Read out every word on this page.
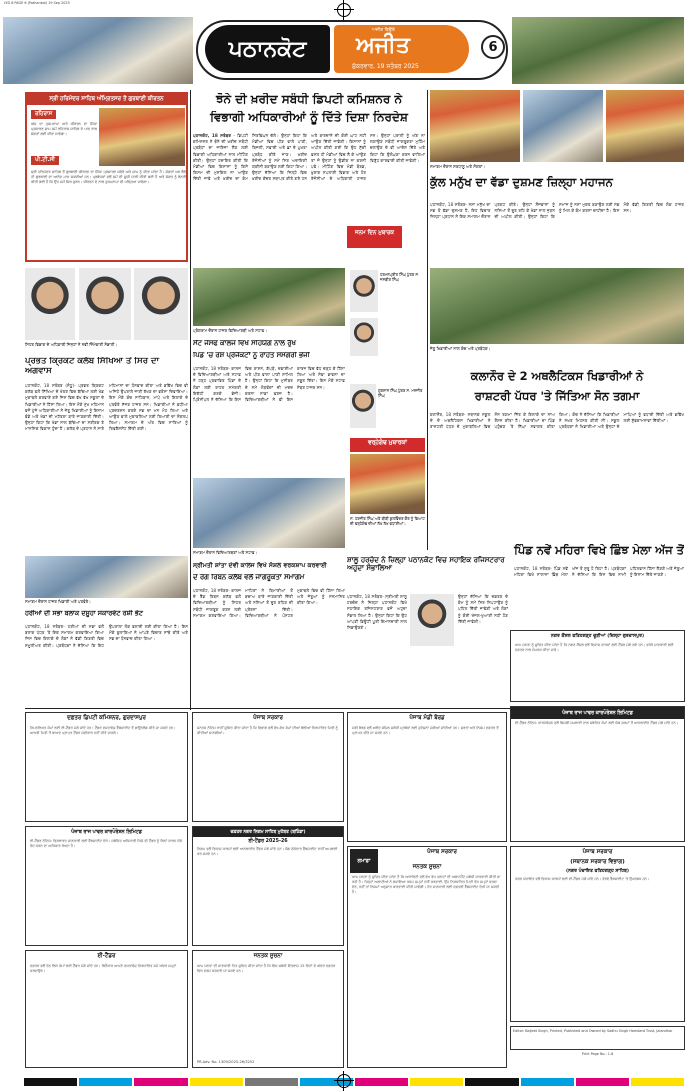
LYD 8 PAGE 6 (Pathankot) 19 Sep 2025
ਪਠਾਨਕੋਟ
ਅਜੀਤ ਬਿਊਰੋ
ਅਜੀਤ
ਸ਼ੁੱਕਰਵਾਰ, 19 ਸਤੰਬਰ 2025
6
ਸ੍ਰੀ ਹਰਿਮੰਦਰ ਸਾਹਿਬ ਅੰਮ੍ਰਿਤਸਰ ਤੋਂ ਗੁਰਬਾਣੀ ਕੀਰਤਨ
ਰਹਿਰਾਸ
ਅੱਜ ਦਾ ਹੁਕਮਨਾਮਾ ਅਤੇ ਕੀਰਤਨ ਦਾ ਸਿੱਧਾ ਪ੍ਰਸਾਰਣ ਸ਼ਾਮ ਸਮੇਂ ਰਹਿਰਾਸ ਸਾਹਿਬ ਦੇ ਪਾਠ ਨਾਲ ਸੰਗਤਾਂ ਲਈ ਕੀਤਾ ਜਾਵੇਗਾ।
ਪੀ.ਟੀ.ਸੀ
ਸ੍ਰੀ ਹਰਿਮੰਦਰ ਸਾਹਿਬ ਤੋਂ ਗੁਰਬਾਣੀ ਕੀਰਤਨ ਦਾ ਸਿੱਧਾ ਪ੍ਰਸਾਰਣ ਸਵੇਰੇ ਅਤੇ ਸ਼ਾਮ ਨੂੰ ਕੀਤਾ ਜਾਂਦਾ ਹੈ। ਸੰਗਤਾਂ ਘਰ ਬੈਠੇ ਹੀ ਗੁਰਬਾਣੀ ਦਾ ਆਨੰਦ ਮਾਣ ਸਕਦੀਆਂ ਹਨ। ਪ੍ਰਬੰਧਕਾਂ ਵਲੋਂ ਸਮੇਂ ਦੀ ਸੂਚੀ ਜਾਰੀ ਕੀਤੀ ਗਈ ਹੈ ਅਤੇ ਸੰਗਤ ਨੂੰ ਬੇਨਤੀ ਕੀਤੀ ਗਈ ਹੈ ਕਿ ਉਹ ਸਮੇਂ ਸਿਰ ਜੁੜਨ। ਕੀਰਤਨ ਦੇ ਨਾਲ ਹੁਕਮਨਾਮਾ ਵੀ ਪੜ੍ਹਿਆ ਜਾਵੇਗਾ।
ਸਿਹਤ ਵਿਭਾਗ ਦੇ ਅਧਿਕਾਰੀ ਜਿਨ੍ਹਾਂ ਨੇ ਨਵੀਂ ਜ਼ਿੰਮੇਵਾਰੀ ਸੰਭਾਲੀ।
ਪ੍ਰਭਤ ਕ੍ਰਿਕਟ ਕਲੱਬ ਸਿੱਖਿਆ ਤੋਂ ਸਿਰ ਦਾ ਅਗਵਾਸ
ਪਠਾਨਕੋਟ, 18 ਸਤੰਬਰ (ਸੰਧੂ)- ਪ੍ਰਭਤ ਕ੍ਰਿਕਟ ਕਲੱਬ ਵਲੋਂ ਸਿੱਖਿਆ ਦੇ ਖੇਤਰ ਵਿਚ ਬੱਚਿਆਂ ਲਈ ਖੇਡ ਮੁਕਾਬਲੇ ਕਰਵਾਏ ਗਏ ਜਿਸ ਵਿਚ ਵੱਖ ਵੱਖ ਸਕੂਲਾਂ ਦੇ ਖਿਡਾਰੀਆਂ ਨੇ ਹਿੱਸਾ ਲਿਆ। ਇਸ ਮੌਕੇ ਮੁੱਖ ਮਹਿਮਾਨ ਵਜੋਂ ਪੁੱਜੇ ਅਧਿਕਾਰੀਆਂ ਨੇ ਜੇਤੂ ਖਿਡਾਰੀਆਂ ਨੂੰ ਇਨਾਮ ਵੰਡੇ ਅਤੇ ਖੇਡਾਂ ਦੀ ਮਹੱਤਤਾ ਬਾਰੇ ਜਾਣਕਾਰੀ ਦਿੱਤੀ। ਉਨ੍ਹਾਂ ਕਿਹਾ ਕਿ ਖੇਡਾਂ ਨਾਲ ਬੱਚਿਆਂ ਦਾ ਸਰੀਰਕ ਤੇ ਮਾਨਸਿਕ ਵਿਕਾਸ ਹੁੰਦਾ ਹੈ। ਕਲੱਬ ਦੇ ਪ੍ਰਧਾਨ ਨੇ ਸਾਰੇ ਮਹਿਮਾਨਾਂ ਦਾ ਧੰਨਵਾਦ ਕੀਤਾ ਅਤੇ ਭਵਿੱਖ ਵਿਚ ਵੀ ਅਜਿਹੇ ਉਪਰਾਲੇ ਜਾਰੀ ਰੱਖਣ ਦਾ ਭਰੋਸਾ ਦਿਵਾਇਆ। ਇਸ ਮੌਕੇ ਕੋਚ ਸਾਹਿਬਾਨ, ਮਾਪੇ ਅਤੇ ਇਲਾਕੇ ਦੇ ਪਤਵੰਤੇ ਸੱਜਣ ਹਾਜ਼ਰ ਸਨ। ਖਿਡਾਰੀਆਂ ਨੇ ਵਧੀਆ ਪ੍ਰਦਰਸ਼ਨ ਕਰਕੇ ਸਭ ਦਾ ਮਨ ਮੋਹ ਲਿਆ ਅਤੇ ਆਉਣ ਵਾਲੇ ਮੁਕਾਬਲਿਆਂ ਲਈ ਤਿਆਰੀ ਦਾ ਸੰਕਲਪ ਲਿਆ। ਸਮਾਗਮ ਦੇ ਅੰਤ ਵਿਚ ਸਾਰਿਆਂ ਨੂੰ ਰਿਫਰੈਸ਼ਮੈਂਟ ਦਿੱਤੀ ਗਈ।
ਸਮਾਗਮ ਦੌਰਾਨ ਹਾਜ਼ਰ ਖਿਡਾਰੀ ਅਤੇ ਪਤਵੰਤੇ।
ਹਰੀਆਂ ਦੀ ਸਭਾ ਬਲਾਕ ਦਸੂਹਾ ਸਕਾਰਵੇਟ ਰਸ਼ੀ ਭੇਟ
ਪਠਾਨਕੋਟ, 18 ਸਤੰਬਰ- ਹਰੀਆਂ ਦੀ ਸਭਾ ਵਲੋਂ ਬਲਾਕ ਪੱਧਰ 'ਤੇ ਇਕ ਸਮਾਗਮ ਕਰਵਾਇਆ ਗਿਆ ਜਿਸ ਵਿਚ ਇਲਾਕੇ ਦੇ ਲੋਕਾਂ ਨੇ ਵੱਡੀ ਗਿਣਤੀ ਵਿਚ ਸ਼ਮੂਲੀਅਤ ਕੀਤੀ। ਪ੍ਰਬੰਧਕਾਂ ਨੇ ਦੱਸਿਆ ਕਿ ਇਹ ਉਪਰਾਲਾ ਲੋਕ ਭਲਾਈ ਲਈ ਕੀਤਾ ਗਿਆ ਹੈ। ਇਸ ਮੌਕੇ ਬੁਲਾਰਿਆਂ ਨੇ ਆਪਣੇ ਵਿਚਾਰ ਸਾਂਝੇ ਕੀਤੇ ਅਤੇ ਸਭ ਦਾ ਧੰਨਵਾਦ ਕੀਤਾ ਗਿਆ।
ਝੋਨੇ ਦੀ ਖ਼ਰੀਦ ਸਬੰਧੀ ਡਿਪਟੀ ਕਮਿਸ਼ਨਰ ਨੇ
ਵਿਭਾਗੀ ਅਧਿਕਾਰੀਆਂ ਨੂੰ ਦਿੱਤੇ ਦਿਸ਼ਾ ਨਿਰਦੇਸ਼
ਪਠਾਨਕੋਟ, 18 ਸਤੰਬਰ - ਡਿਪਟੀ ਕਮਿਸ਼ਨਰ ਨੇ ਝੋਨੇ ਦੀ ਖ਼ਰੀਦ ਸਬੰਧੀ ਪ੍ਰਬੰਧਾਂ ਦਾ ਜਾਇਜ਼ਾ ਲੈਣ ਲਈ ਵਿਭਾਗੀ ਅਧਿਕਾਰੀਆਂ ਨਾਲ ਮੀਟਿੰਗ ਕੀਤੀ। ਉਨ੍ਹਾਂ ਹਦਾਇਤ ਕੀਤੀ ਕਿ ਮੰਡੀਆਂ ਵਿਚ ਕਿਸਾਨਾਂ ਨੂੰ ਕਿਸੇ ਕਿਸਮ ਦੀ ਮੁਸ਼ਕਿਲ ਨਾ ਆਉਣ ਦਿੱਤੀ ਜਾਵੇ ਅਤੇ ਖ਼ਰੀਦ ਦਾ ਕੰਮ ਨਿਰਵਿਘਨ ਚੱਲੇ। ਉਨ੍ਹਾਂ ਕਿਹਾ ਕਿ ਮੰਡੀਆਂ ਵਿਚ ਪੀਣ ਵਾਲੇ ਪਾਣੀ, ਬਿਜਲੀ, ਸਫ਼ਾਈ ਅਤੇ ਛਾਂ ਦੇ ਪੁਖ਼ਤਾ ਪ੍ਰਬੰਧ ਕੀਤੇ ਜਾਣ। ਖ਼ਰੀਦ ਏਜੰਸੀਆਂ ਨੂੰ ਸਮੇਂ ਸਿਰ ਅਦਾਇਗੀ ਯਕੀਨੀ ਬਣਾਉਣ ਲਈ ਕਿਹਾ ਗਿਆ। ਉਨ੍ਹਾਂ ਦੱਸਿਆ ਕਿ ਜ਼ਿਲ੍ਹੇ ਵਿਚ ਖ਼ਰੀਦ ਕੇਂਦਰ ਸਥਾਪਤ ਕੀਤੇ ਗਏ ਹਨ ਅਤੇ ਬਾਰਦਾਨੇ ਦੀ ਕੋਈ ਘਾਟ ਨਹੀਂ ਆਉਣ ਦਿੱਤੀ ਜਾਵੇਗੀ। ਕਿਸਾਨਾਂ ਨੂੰ ਅਪੀਲ ਕੀਤੀ ਗਈ ਕਿ ਉਹ ਸੁੱਕੀ ਫ਼ਸਲ ਹੀ ਮੰਡੀਆਂ ਵਿਚ ਲੈ ਕੇ ਆਉਣ ਤਾਂ ਜੋ ਉਨ੍ਹਾਂ ਨੂੰ ਉਡੀਕ ਨਾ ਕਰਨੀ ਪਵੇ। ਮੀਟਿੰਗ ਵਿਚ ਮੰਡੀ ਬੋਰਡ, ਖ਼ੁਰਾਕ ਸਪਲਾਈ ਵਿਭਾਗ ਅਤੇ ਹੋਰ ਏਜੰਸੀਆਂ ਦੇ ਅਧਿਕਾਰੀ ਹਾਜ਼ਰ ਸਨ। ਉਨ੍ਹਾਂ ਪਰਾਲੀ ਨੂੰ ਅੱਗ ਨਾ ਲਗਾਉਣ ਸਬੰਧੀ ਜਾਗਰੂਕਤਾ ਮੁਹਿੰਮ ਚਲਾਉਣ ਦੇ ਵੀ ਆਦੇਸ਼ ਦਿੱਤੇ ਅਤੇ ਕਿਹਾ ਕਿ ਉਲੰਘਣਾ ਕਰਨ ਵਾਲਿਆਂ ਵਿਰੁੱਧ ਕਾਰਵਾਈ ਕੀਤੀ ਜਾਵੇਗੀ।
ਜਨਮ ਦਿਨ ਮੁਬਾਰਕ
ਹਰਮਨਪ੍ਰੀਤ ਸਿੰਘ ਪੁੱਤਰ ਸ. ਜਸਬੀਰ ਸਿੰਘ
ਪ੍ਰੋਗਰਾਮ ਦੌਰਾਨ ਹਾਜ਼ਰ ਵਿਦਿਆਰਥੀ ਅਤੇ ਸਟਾਫ਼।
ਸੇਂਟ ਜੋਸਫ ਕਾਲਜ ਵਿਖੇ ਸਹਿਯੋਗ ਨਾਲ ਰੁੱਖ
ਪਿੰਡ 'ਚ ਰਸ਼ ਪ੍ਰੋਜੈਕਟਾਂ ਨੂੰ ਰਾਹਤ ਸਮੱਗਰੀ ਭੇਜੀ
ਪਠਾਨਕੋਟ, 18 ਸਤੰਬਰ- ਕਾਲਜ ਦੇ ਵਿਦਿਆਰਥੀਆਂ ਅਤੇ ਸਟਾਫ਼ ਨੇ ਹੜ੍ਹ ਪ੍ਰਭਾਵਿਤ ਪਿੰਡਾਂ ਦੇ ਲੋਕਾਂ ਲਈ ਰਾਹਤ ਸਮੱਗਰੀ ਇਕੱਠੀ ਕਰਕੇ ਭੇਜੀ। ਪ੍ਰਿੰਸੀਪਲ ਨੇ ਦੱਸਿਆ ਕਿ ਇਸ ਵਿਚ ਰਾਸ਼ਨ, ਕੱਪੜੇ, ਦਵਾਈਆਂ ਅਤੇ ਪੀਣ ਵਾਲਾ ਪਾਣੀ ਸ਼ਾਮਿਲ ਹੈ। ਉਨ੍ਹਾਂ ਕਿਹਾ ਕਿ ਮੁਸੀਬਤ ਦੇ ਸਮੇਂ ਲੋੜਵੰਦਾਂ ਦੀ ਮਦਦ ਕਰਨਾ ਸਾਡਾ ਫ਼ਰਜ਼ ਹੈ। ਵਿਦਿਆਰਥੀਆਂ ਨੇ ਵੀ ਇਸ ਕਾਰਜ ਵਿਚ ਵੱਧ ਚੜ੍ਹ ਕੇ ਹਿੱਸਾ ਲਿਆ ਅਤੇ ਸੇਵਾ ਭਾਵਨਾ ਦਾ ਸਬੂਤ ਦਿੱਤਾ। ਇਸ ਮੌਕੇ ਸਟਾਫ਼ ਮੈਂਬਰ ਹਾਜ਼ਰ ਸਨ।
ਸਮਾਗਮ ਦੌਰਾਨ ਵਿਦਿਆਰਥਣਾਂ ਅਤੇ ਸਟਾਫ਼।
ਸ੍ਰੀਮਤੀ ਸ਼ਾਂਤਾ ਦੇਵੀ ਕਾਲਜ ਵਿਖੇ ਸੋਸ਼ਲ ਵਰਕਸ਼ਾਪ ਕਰਵਾਈ
ਦੇ ਰੋਗ ਰਿਬਨ ਕਲੱਬ ਵਲੋਂ ਜਾਗਰੂਕਤਾ ਸਮਾਗਮ
ਪਠਾਨਕੋਟ, 18 ਸਤੰਬਰ- ਕਾਲਜ ਦੇ ਰੈੱਡ ਰਿਬਨ ਕਲੱਬ ਵਲੋਂ ਵਿਦਿਆਰਥੀਆਂ ਨੂੰ ਸਿਹਤ ਸਬੰਧੀ ਜਾਗਰੂਕ ਕਰਨ ਲਈ ਸਮਾਗਮ ਕਰਵਾਇਆ ਗਿਆ। ਮਾਹਿਰਾਂ ਨੇ ਬਿਮਾਰੀਆਂ ਤੋਂ ਬਚਾਅ ਬਾਰੇ ਜਾਣਕਾਰੀ ਦਿੱਤੀ ਅਤੇ ਨਸ਼ਿਆਂ ਤੋਂ ਦੂਰ ਰਹਿਣ ਦੀ ਪ੍ਰੇਰਨਾ ਦਿੱਤੀ। ਵਿਦਿਆਰਥੀਆਂ ਨੇ ਪੋਸਟਰ ਮੁਕਾਬਲੇ ਵਿਚ ਵੀ ਹਿੱਸਾ ਲਿਆ ਅਤੇ ਜੇਤੂਆਂ ਨੂੰ ਸਨਮਾਨਿਤ ਕੀਤਾ ਗਿਆ।
ਗੁਰਸ਼ਾਨ ਸਿੰਘ ਪੁੱਤਰ ਸ. ਮਨਜੀਤ ਸਿੰਘ
ਵਰ੍ਹੇਗੰਢ ਮੁਬਾਰਕਾਂ
ਸ. ਹਰਜੀਤ ਸਿੰਘ ਅਤੇ ਬੀਬੀ ਕੁਲਵਿੰਦਰ ਕੌਰ ਨੂੰ ਵਿਆਹ ਦੀ ਵਰ੍ਹੇਗੰਢ ਦੀਆਂ ਲੱਖ ਲੱਖ ਵਧਾਈਆਂ।
ਸ਼ਾਲੂ ਹਰਚੰਦ ਨੇ ਜ਼ਿਲ੍ਹਾ ਪਠਾਨਕੋਟ ਵਿਚ ਸਹਾਇਕ ਰਜਿਸਟਰਾਰ ਅਹੁਦਾ ਸੰਭਾਲਿਆ
ਪਠਾਨਕੋਟ, 18 ਸਤੰਬਰ- ਸ੍ਰੀਮਤੀ ਸ਼ਾਲੂ ਹਰਚੰਦ ਨੇ ਜ਼ਿਲ੍ਹਾ ਪਠਾਨਕੋਟ ਵਿਖੇ ਸਹਾਇਕ ਰਜਿਸਟਰਾਰ ਵਜੋਂ ਅਹੁਦਾ ਸੰਭਾਲ ਲਿਆ ਹੈ। ਉਨ੍ਹਾਂ ਕਿਹਾ ਕਿ ਉਹ ਆਪਣੀ ਡਿਊਟੀ ਪੂਰੀ ਇਮਾਨਦਾਰੀ ਨਾਲ ਨਿਭਾਉਣਗੇ।
ਉਨ੍ਹਾਂ ਦੱਸਿਆ ਕਿ ਦਫ਼ਤਰ ਦੇ ਕੰਮ ਨੂੰ ਸਮੇਂ ਸਿਰ ਨਿਪਟਾਉਣ ਨੂੰ ਪਹਿਲ ਦਿੱਤੀ ਜਾਵੇਗੀ ਅਤੇ ਲੋਕਾਂ ਨੂੰ ਕੋਈ ਖੱਜਲ-ਖੁਆਰੀ ਨਹੀਂ ਹੋਣ ਦਿੱਤੀ ਜਾਵੇਗੀ।
ਸਮਾਗਮ ਦੌਰਾਨ ਸ਼ਰਧਾਲੂ ਅਤੇ ਸੰਗਤਾਂ।
ਕੁੱਲ ਮਨੁੱਖ ਦਾ ਵੱਡਾ ਦੁਸ਼ਮਣ ਜ਼ਿਲ੍ਹਾ ਮਹਾਜਨ
ਪਠਾਨਕੋਟ, 18 ਸਤੰਬਰ- ਨਸ਼ਾ ਮਨੁੱਖ ਦਾ ਸਭ ਤੋਂ ਵੱਡਾ ਦੁਸ਼ਮਣ ਹੈ, ਇਹ ਵਿਚਾਰ ਜ਼ਿਲ੍ਹਾ ਪ੍ਰਧਾਨ ਨੇ ਇਕ ਸਮਾਗਮ ਦੌਰਾਨ ਪ੍ਰਗਟ ਕੀਤੇ। ਉਨ੍ਹਾਂ ਨੌਜਵਾਨਾਂ ਨੂੰ ਨਸ਼ਿਆਂ ਤੋਂ ਦੂਰ ਰਹਿ ਕੇ ਖੇਡਾਂ ਨਾਲ ਜੁੜਨ ਦੀ ਅਪੀਲ ਕੀਤੀ। ਉਨ੍ਹਾਂ ਕਿਹਾ ਕਿ ਸਮਾਜ ਨੂੰ ਨਸ਼ਾ ਮੁਕਤ ਬਣਾਉਣ ਲਈ ਸਭ ਨੂੰ ਮਿਲ ਕੇ ਕੰਮ ਕਰਨਾ ਚਾਹੀਦਾ ਹੈ। ਇਸ ਮੌਕੇ ਵੱਡੀ ਗਿਣਤੀ ਵਿਚ ਲੋਕ ਹਾਜ਼ਰ ਸਨ।
ਜੇਤੂ ਖਿਡਾਰੀਆਂ ਨਾਲ ਕੋਚ ਅਤੇ ਪ੍ਰਬੰਧਕ।
ਕਲਾਨੌਰ ਦੇ 2 ਅਥਲੈਟਿਕਸ ਖਿਡਾਰੀਆਂ ਨੇ
ਰਾਸ਼ਟਰੀ ਪੱਧਰ 'ਤੇ ਜਿੱਤਿਆ ਸੋਨ ਤਗਮਾ
ਕਲਾਨੌਰ, 18 ਸਤੰਬਰ- ਸਥਾਨਕ ਸਕੂਲ ਦੇ ਦੋ ਅਥਲੈਟਿਕਸ ਖਿਡਾਰੀਆਂ ਨੇ ਰਾਸ਼ਟਰੀ ਪੱਧਰ ਦੇ ਮੁਕਾਬਲਿਆਂ ਵਿਚ ਸੋਨ ਤਗਮਾ ਜਿੱਤ ਕੇ ਇਲਾਕੇ ਦਾ ਨਾਂਅ ਰੌਸ਼ਨ ਕੀਤਾ ਹੈ। ਖਿਡਾਰੀਆਂ ਦਾ ਪਿੰਡ ਪਹੁੰਚਣ 'ਤੇ ਨਿੱਘਾ ਸਵਾਗਤ ਕੀਤਾ ਗਿਆ। ਕੋਚ ਨੇ ਦੱਸਿਆ ਕਿ ਖਿਡਾਰੀਆਂ ਨੇ ਸਖ਼ਤ ਮਿਹਨਤ ਕੀਤੀ ਸੀ। ਸਕੂਲ ਪ੍ਰਬੰਧਕਾਂ ਨੇ ਖਿਡਾਰੀਆਂ ਅਤੇ ਉਨ੍ਹਾਂ ਦੇ ਮਾਪਿਆਂ ਨੂੰ ਵਧਾਈ ਦਿੱਤੀ ਅਤੇ ਭਵਿੱਖ ਲਈ ਸ਼ੁੱਭਕਾਮਨਾਵਾਂ ਦਿੱਤੀਆਂ।
ਪਿੰਡ ਨਵੇਂ ਮਹਿਰਾ ਵਿਖੇ ਛਿੰਝ ਮੇਲਾ ਅੱਜ ਤੋਂ
ਪਠਾਨਕੋਟ, 18 ਸਤੰਬਰ- ਪਿੰਡ ਨਵੇਂ ਮਹਿਰਾ ਵਿਖੇ ਸਾਲਾਨਾ ਛਿੰਝ ਮੇਲਾ ਅੱਜ ਤੋਂ ਸ਼ੁਰੂ ਹੋ ਰਿਹਾ ਹੈ। ਪ੍ਰਬੰਧਕਾਂ ਨੇ ਦੱਸਿਆ ਕਿ ਇਸ ਵਿਚ ਨਾਮੀ ਪਹਿਲਵਾਨ ਹਿੱਸਾ ਲੈਣਗੇ ਅਤੇ ਜੇਤੂਆਂ ਨੂੰ ਇਨਾਮ ਦਿੱਤੇ ਜਾਣਗੇ।
ਨਗਰ ਕੌਂਸਲ ਫਤਿਹਗੜ੍ਹ ਚੂੜੀਆਂ (ਜ਼ਿਲ੍ਹਾ ਗੁਰਦਾਸਪੁਰ)
ਆਮ ਜਨਤਾ ਨੂੰ ਸੂਚਿਤ ਕੀਤਾ ਜਾਂਦਾ ਹੈ ਕਿ ਨਗਰ ਕੌਂਸਲ ਵਲੋਂ ਵਿਕਾਸ ਕਾਰਜਾਂ ਲਈ ਟੈਂਡਰ ਮੰਗੇ ਗਏ ਹਨ। ਵਧੇਰੇ ਜਾਣਕਾਰੀ ਲਈ ਦਫ਼ਤਰ ਨਾਲ ਸੰਪਰਕ ਕੀਤਾ ਜਾਵੇ।
ਦਫ਼ਤਰ ਡਿਪਟੀ ਕਮਿਸ਼ਨਰ, ਗੁਰਦਾਸਪੁਰ
ਨਿਮਨਲਿਖਤ ਕੰਮਾਂ ਲਈ ਈ-ਟੈਂਡਰ ਮੰਗੇ ਜਾਂਦੇ ਹਨ। ਟੈਂਡਰ ਦਸਤਾਵੇਜ਼ ਵੈੱਬਸਾਈਟ ਤੋਂ ਡਾਊਨਲੋਡ ਕੀਤੇ ਜਾ ਸਕਦੇ ਹਨ। ਆਖਰੀ ਮਿਤੀ ਤੋਂ ਬਾਅਦ ਪ੍ਰਾਪਤ ਟੈਂਡਰ ਸਵੀਕਾਰ ਨਹੀਂ ਕੀਤੇ ਜਾਣਗੇ।
ਪੰਜਾਬ ਰਾਜ ਪਾਵਰ ਕਾਰਪੋਰੇਸ਼ਨ ਲਿਮਿਟਡ
ਈ-ਟੈਂਡਰ ਨੋਟਿਸ: ਵਿਸਥਾਰਤ ਜਾਣਕਾਰੀ ਲਈ ਵੈੱਬਸਾਈਟ ਦੇਖੋ। ਸਬੰਧਿਤ ਅਧਿਕਾਰੀ ਕਿਸੇ ਵੀ ਟੈਂਡਰ ਨੂੰ ਬਿਨਾਂ ਕਾਰਨ ਦੱਸੇ ਰੱਦ ਕਰਨ ਦਾ ਅਧਿਕਾਰ ਰੱਖਦਾ ਹੈ।
ਈ-ਟੈਂਡਰ
ਦਫ਼ਤਰ ਵਲੋਂ ਹੇਠ ਲਿਖੇ ਕੰਮਾਂ ਲਈ ਟੈਂਡਰ ਮੰਗੇ ਜਾਂਦੇ ਹਨ। ਬਿਨੈਕਾਰ ਆਪਣੇ ਦਸਤਾਵੇਜ਼ ਨਿਰਧਾਰਿਤ ਸਮੇਂ ਅੰਦਰ ਜਮ੍ਹਾਂ ਕਰਵਾਉਣ।
ਪੰਜਾਬ ਸਰਕਾਰ
ਜਨਤਕ ਨੋਟਿਸ ਰਾਹੀਂ ਸੂਚਿਤ ਕੀਤਾ ਜਾਂਦਾ ਹੈ ਕਿ ਵਿਭਾਗ ਵਲੋਂ ਵੱਖ-ਵੱਖ ਕੰਮਾਂ ਦੀਆਂ ਬੋਲੀਆਂ ਨਿਰਧਾਰਿਤ ਮਿਤੀ ਨੂੰ ਕੀਤੀਆਂ ਜਾਣਗੀਆਂ।
ਦਫ਼ਤਰ ਨਗਰ ਨਿਗਮ ਸਾਹਿਬ ਮੁਹੱਬਤ (ਬਠਿੰਡਾ)
ਈ-ਟੈਂਡਰ 2025-26
ਨਿਗਮ ਵਲੋਂ ਵਿਕਾਸ ਕਾਰਜਾਂ ਲਈ ਆਨਲਾਈਨ ਟੈਂਡਰ ਮੰਗੇ ਜਾਂਦੇ ਹਨ। ਯੋਗ ਠੇਕੇਦਾਰ ਵੈੱਬਸਾਈਟ ਰਾਹੀਂ ਅਪਲਾਈ ਕਰ ਸਕਦੇ ਹਨ।
ਜਨਤਕ ਸੂਚਨਾ
ਆਮ ਜਨਤਾ ਦੀ ਜਾਣਕਾਰੀ ਹਿਤ ਸੂਚਿਤ ਕੀਤਾ ਜਾਂਦਾ ਹੈ ਕਿ ਇਸ ਸਬੰਧੀ ਇਤਰਾਜ਼ 15 ਦਿਨਾਂ ਦੇ ਅੰਦਰ ਦਫ਼ਤਰ ਵਿਖੇ ਦਰਜ ਕਰਵਾਏ ਜਾ ਸਕਦੇ ਹਨ।
PR-Adv. No. 1309/2025-26/3252
ਪੰਜਾਬ ਮੰਡੀ ਬੋਰਡ
ਮੰਡੀ ਬੋਰਡ ਵਲੋਂ ਖ਼ਰੀਦ ਸੀਜ਼ਨ ਸਬੰਧੀ ਪ੍ਰਬੰਧਾਂ ਲਈ ਕੁਟੇਸ਼ਨਾਂ ਮੰਗੀਆਂ ਜਾਂਦੀਆਂ ਹਨ। ਸ਼ਰਤਾਂ ਅਤੇ ਨਿਯਮ ਦਫ਼ਤਰ ਤੋਂ ਪ੍ਰਾਪਤ ਕੀਤੇ ਜਾ ਸਕਦੇ ਹਨ।
ਗਮਾਡਾ
ਪੰਜਾਬ ਸਰਕਾਰ
ਜਨਤਕ ਸੂਚਨਾ
ਆਮ ਜਨਤਾ ਨੂੰ ਸੂਚਿਤ ਕੀਤਾ ਜਾਂਦਾ ਹੈ ਕਿ ਅਥਾਰਿਟੀ ਵਲੋਂ ਵੱਖ ਵੱਖ ਪਲਾਟਾਂ ਦੀ ਅਲਾਟਮੈਂਟ ਸਬੰਧੀ ਕਾਰਵਾਈ ਕੀਤੀ ਜਾ ਰਹੀ ਹੈ। ਜਿਨ੍ਹਾਂ ਅਲਾਟੀਆਂ ਨੇ ਬਕਾਇਆ ਰਕਮ ਜਮ੍ਹਾਂ ਨਹੀਂ ਕਰਵਾਈ, ਉਹ ਨਿਰਧਾਰਿਤ ਮਿਤੀ ਤੱਕ ਜਮ੍ਹਾਂ ਕਰਵਾ ਦੇਣ, ਨਹੀਂ ਤਾਂ ਨਿਯਮਾਂ ਅਨੁਸਾਰ ਕਾਰਵਾਈ ਕੀਤੀ ਜਾਵੇਗੀ। ਹੋਰ ਜਾਣਕਾਰੀ ਲਈ ਦਫ਼ਤਰੀ ਵੈੱਬਸਾਈਟ ਦੇਖੀ ਜਾ ਸਕਦੀ ਹੈ।
ਪੰਜਾਬ ਰਾਜ ਪਾਵਰ ਕਾਰਪੋਰੇਸ਼ਨ ਲਿਮਿਟਡ
ਈ-ਟੈਂਡਰ ਨੋਟਿਸ: ਕਾਰਪੋਰੇਸ਼ਨ ਵਲੋਂ ਬਿਜਲੀ ਸਪਲਾਈ ਨਾਲ ਸਬੰਧਿਤ ਕੰਮਾਂ ਲਈ ਯੋਗ ਫ਼ਰਮਾਂ ਤੋਂ ਆਨਲਾਈਨ ਟੈਂਡਰ ਮੰਗੇ ਜਾਂਦੇ ਹਨ।
ਪੰਜਾਬ ਸਰਕਾਰ
(ਸਥਾਨਕ ਸਰਕਾਰ ਵਿਭਾਗ)
(ਨਗਰ ਪੰਚਾਇਤ ਫਤਿਹਗੜ੍ਹ ਸਾਹਿਬ)
ਨਗਰ ਪੰਚਾਇਤ ਵਲੋਂ ਵਿਕਾਸ ਕਾਰਜਾਂ ਲਈ ਈ-ਟੈਂਡਰ ਮੰਗੇ ਜਾਂਦੇ ਹਨ। ਵੇਰਵੇ ਵੈੱਬਸਾਈਟ 'ਤੇ ਉਪਲਬਧ ਹਨ।
Editor: Baljeet Singh, Printed, Published and Owned by Sadhu Singh Hamdard Trust, Jalandhar
Print Page No.: 1-8
